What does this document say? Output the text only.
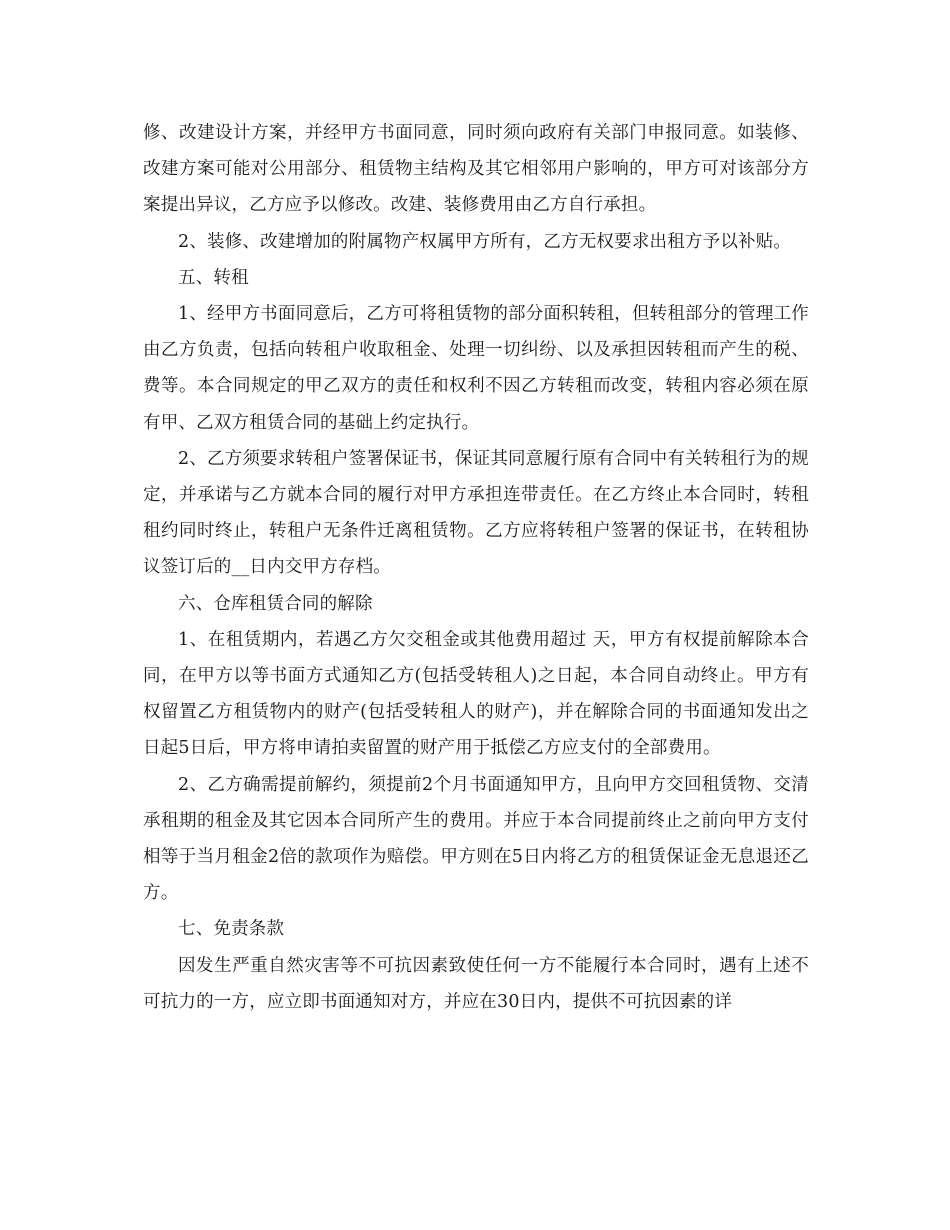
修、改建设计方案，并经甲方书面同意，同时须向政府有关部门申报同意。如装修、改建方案可能对公用部分、租赁物主结构及其它相邻用户影响的，甲方可对该部分方案提出异议，乙方应予以修改。改建、装修费用由乙方自行承担。

2、装修、改建增加的附属物产权属甲方所有，乙方无权要求出租方予以补贴。

五、转租

1、经甲方书面同意后，乙方可将租赁物的部分面积转租，但转租部分的管理工作由乙方负责，包括向转租户收取租金、处理一切纠纷、以及承担因转租而产生的税、费等。本合同规定的甲乙双方的责任和权利不因乙方转租而改变，转租内容必须在原有甲、乙双方租赁合同的基础上约定执行。

2、乙方须要求转租户签署保证书，保证其同意履行原有合同中有关转租行为的规定，并承诺与乙方就本合同的履行对甲方承担连带责任。在乙方终止本合同时，转租租约同时终止，转租户无条件迁离租赁物。乙方应将转租户签署的保证书，在转租协议签订后的__日内交甲方存档。

六、仓库租赁合同的解除

1、在租赁期内，若遇乙方欠交租金或其他费用超过 天，甲方有权提前解除本合同，在甲方以等书面方式通知乙方(包括受转租人)之日起，本合同自动终止。甲方有权留置乙方租赁物内的财产(包括受转租人的财产)，并在解除合同的书面通知发出之日起5日后，甲方将申请拍卖留置的财产用于抵偿乙方应支付的全部费用。

2、乙方确需提前解约，须提前2个月书面通知甲方，且向甲方交回租赁物、交清承租期的租金及其它因本合同所产生的费用。并应于本合同提前终止之前向甲方支付相等于当月租金2倍的款项作为赔偿。甲方则在5日内将乙方的租赁保证金无息退还乙方。

七、免责条款

因发生严重自然灾害等不可抗因素致使任何一方不能履行本合同时，遇有上述不可抗力的一方，应立即书面通知对方，并应在30日内，提供不可抗因素的详
